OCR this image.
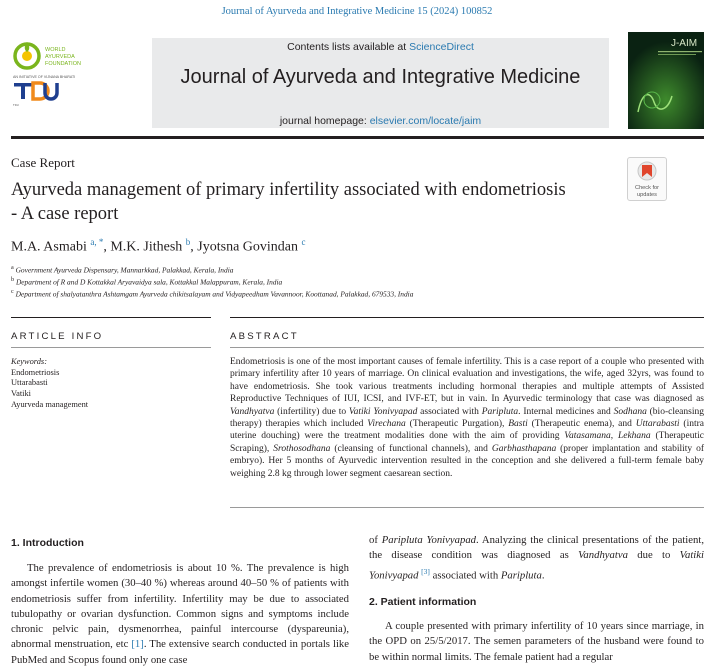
Journal of Ayurveda and Integrative Medicine 15 (2024) 100852
WORLD
AYURVEDA
FOUNDATION
AN INITIATIVE OF VIJNANA BHARATI
TDU
Contents lists available at ScienceDirect
Journal of Ayurveda and Integrative Medicine
journal homepage: elsevier.com/locate/jaim
J-AIM
Case Report
Ayurveda management of primary infertility associated with endometriosis
- A case report
Check for
updates
M.A. Asmabi $^{a, *}$, M.K. Jithesh $^b$, Jyotsna Govindan $^c$
$^a$ Government Ayurveda Dispensary, Mannarkkad, Palakkad, Kerala, India
$^b$ Department of R and D Kottakkal Aryavaidya sala, Kottakkal Malappuram, Kerala, India
$^c$ Department of shalyatanthra Ashtamgam Ayurveda chikitsalayam and Vidyapeedham Vavannoor, Koottanad, Palakkad, 679533, India
ARTICLE INFO	ABSTRACT
Keywords:
Endometriosis
Uttarabasti
Vatiki
Ayurveda management
Endometriosis is one of the most important causes of female infertility. This is a case report of a couple who presented with primary infertility after 10 years of marriage. On clinical evaluation and investigations, the wife, aged 32yrs, was found to have endometriosis. She took various treatments including hormonal therapies and multiple attempts of Assisted Reproductive Techniques of IUI, ICSI, and IVF-ET, but in vain. In Ayurvedic terminology that case was diagnosed as Vandhyatva (infertility) due to Vatiki Yonivyapad associated with Paripluta. Internal medicines and Sodhana (bio-cleansing therapy) therapies which included Virechana (Therapeutic Purgation), Basti (Therapeutic enema), and Uttarabasti (intra uterine douching) were the treatment modalities done with the aim of providing Vatasamana, Lekhana (Therapeutic Scraping), Srothosodhana (cleansing of functional channels), and Garbhasthapana (proper implantation and stability of embryo). Her 5 months of Ayurvedic intervention resulted in the conception and she delivered a full-term female baby weighing 2.8 kg through lower segment caesarean section.
1. Introduction
The prevalence of endometriosis is about 10 %. The prevalence is high amongst infertile women (30–40 %) whereas around 40–50 % of patients with endometriosis suffer from infertility. Infertility may be due to associated tubulopathy or ovarian dysfunction. Common signs and symptoms include chronic pelvic pain, dysmenorrhea, painful intercourse (dyspareunia), abnormal menstruation, etc [1]. The extensive search conducted in portals like PubMed and Scopus found only one case
of Paripluta Yonivyapad. Analyzing the clinical presentations of the patient, the disease condition was diagnosed as Vandhyatva due to Vatiki Yonivyapad [3] associated with Paripluta.
2. Patient information
A couple presented with primary infertility of 10 years since marriage, in the OPD on 25/5/2017. The semen parameters of the husband were found to be within normal limits. The female patient had a regular
